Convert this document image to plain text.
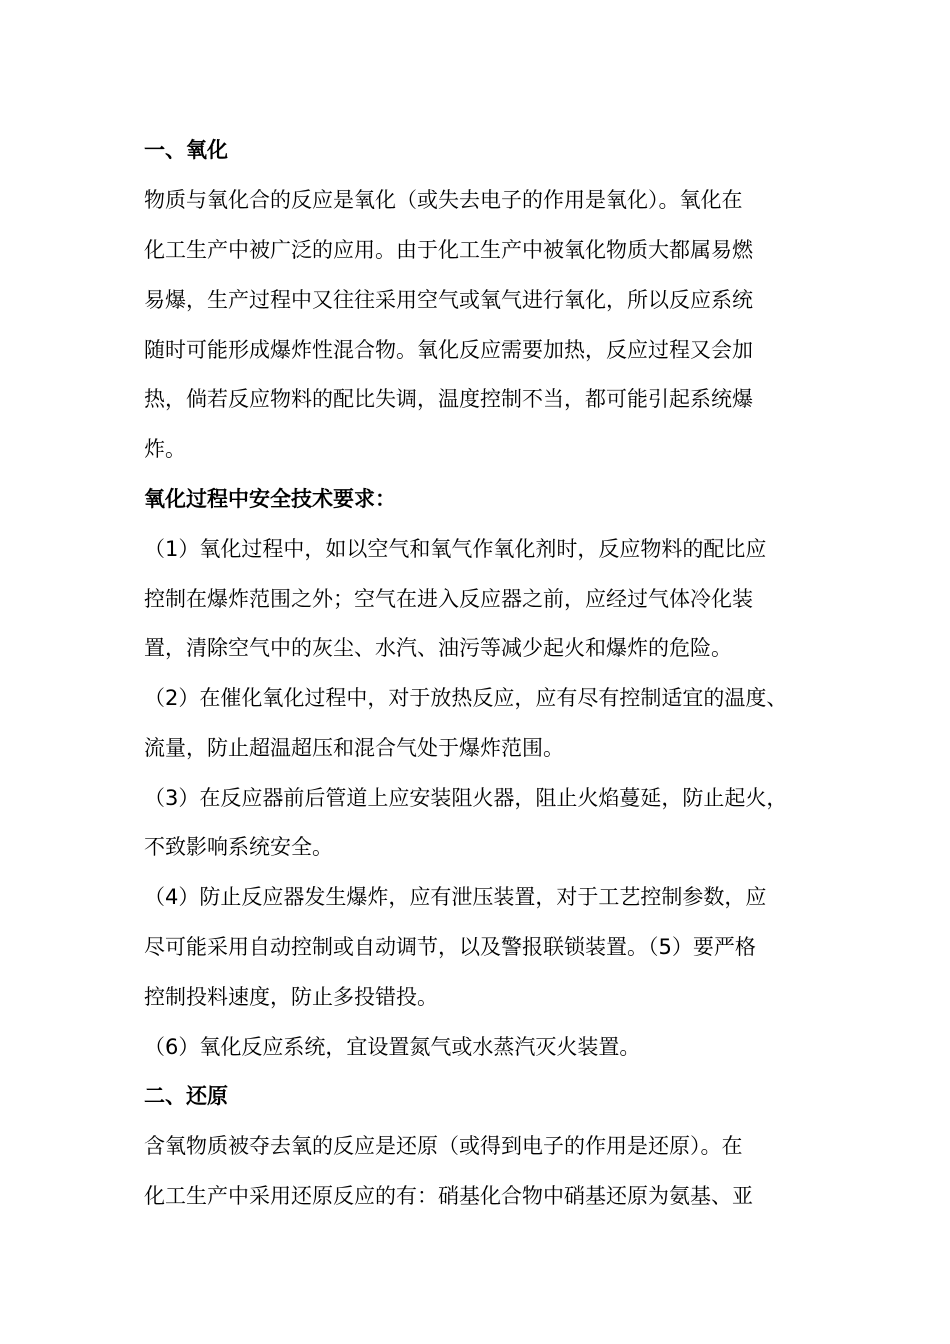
一、氧化
物质与氧化合的反应是氧化（或失去电子的作用是氧化）。氧化在
化工生产中被广泛的应用。由于化工生产中被氧化物质大都属易燃
易爆，生产过程中又往往采用空气或氧气进行氧化，所以反应系统
随时可能形成爆炸性混合物。氧化反应需要加热，反应过程又会加
热，倘若反应物料的配比失调，温度控制不当，都可能引起系统爆
炸。
氧化过程中安全技术要求：
（1）氧化过程中，如以空气和氧气作氧化剂时，反应物料的配比应
控制在爆炸范围之外；空气在进入反应器之前，应经过气体冷化装
置，清除空气中的灰尘、水汽、油污等减少起火和爆炸的危险。
（2）在催化氧化过程中，对于放热反应，应有尽有控制适宜的温度、
流量，防止超温超压和混合气处于爆炸范围。
（3）在反应器前后管道上应安装阻火器，阻止火焰蔓延，防止起火，
不致影响系统安全。
（4）防止反应器发生爆炸，应有泄压装置，对于工艺控制参数，应
尽可能采用自动控制或自动调节，以及警报联锁装置。（5）要严格
控制投料速度，防止多投错投。
（6）氧化反应系统，宜设置氮气或水蒸汽灭火装置。
二、还原
含氧物质被夺去氧的反应是还原（或得到电子的作用是还原）。在
化工生产中采用还原反应的有：硝基化合物中硝基还原为氨基、亚
